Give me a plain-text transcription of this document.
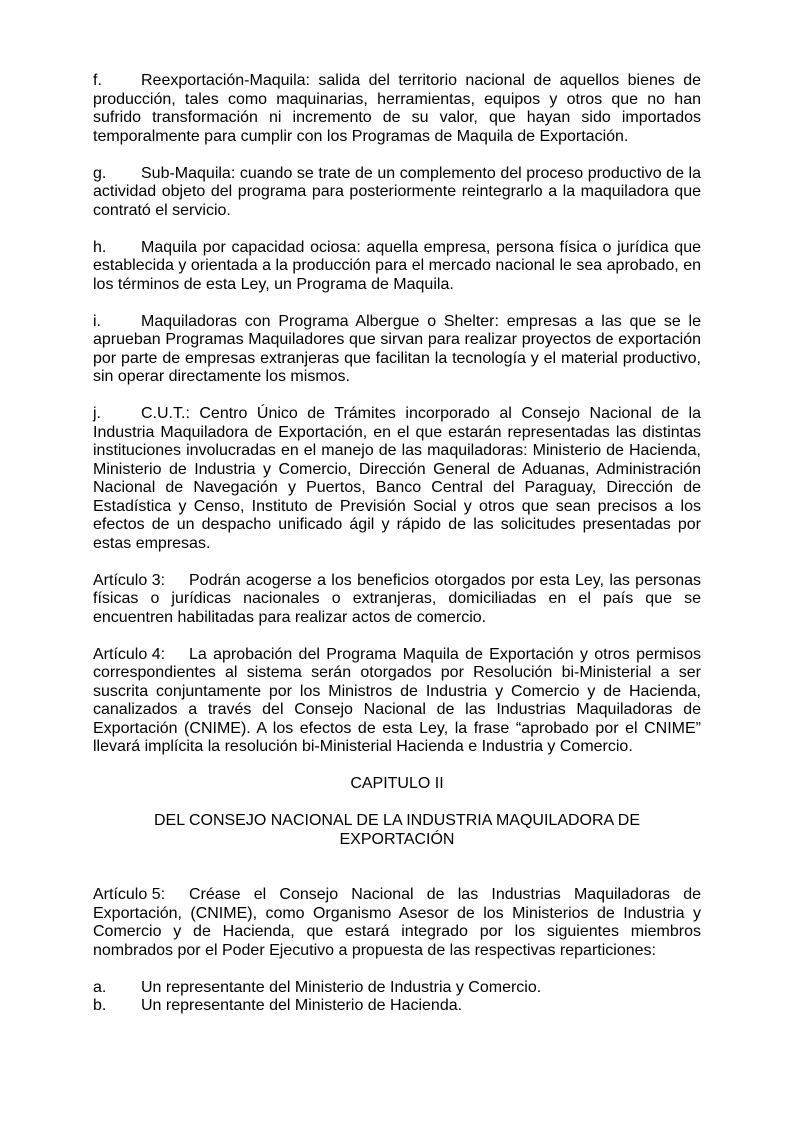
f. Reexportación-Maquila: salida del territorio nacional de aquellos bienes de producción, tales como maquinarias, herramientas, equipos y otros que no han sufrido transformación ni incremento de su valor, que hayan sido importados temporalmente para cumplir con los Programas de Maquila de Exportación.

g. Sub-Maquila: cuando se trate de un complemento del proceso productivo de la actividad objeto del programa para posteriormente reintegrarlo a la maquiladora que contrató el servicio.

h. Maquila por capacidad ociosa: aquella empresa, persona física o jurídica que establecida y orientada a la producción para el mercado nacional le sea aprobado, en los términos de esta Ley, un Programa de Maquila.

i.	Maquiladoras con Programa Albergue o Shelter: empresas a las que se le aprueban Programas Maquiladores que sirvan para realizar proyectos de exportación por parte de empresas extranjeras que facilitan la tecnología y el material productivo, sin operar directamente los mismos.

j.	C.U.T.: Centro Único de Trámites incorporado al Consejo Nacional de la Industria Maquiladora de Exportación, en el que estarán representadas las distintas instituciones involucradas en el manejo de las maquiladoras: Ministerio de Hacienda, Ministerio de Industria y Comercio, Dirección General de Aduanas, Administración Nacional de Navegación y Puertos, Banco Central del Paraguay, Dirección de Estadística y Censo, Instituto de Previsión Social y otros que sean precisos a los efectos de un despacho unificado ágil y rápido de las solicitudes presentadas por estas empresas.

Artículo 3: Podrán acogerse a los beneficios otorgados por esta Ley, las personas físicas o jurídicas nacionales o extranjeras, domiciliadas en el país que se encuentren habilitadas para realizar actos de comercio.

Artículo 4: La aprobación del Programa Maquila de Exportación y otros permisos correspondientes al sistema serán otorgados por Resolución bi-Ministerial a ser suscrita conjuntamente por los Ministros de Industria y Comercio y de Hacienda, canalizados a través del Consejo Nacional de las Industrias Maquiladoras de Exportación (CNIME). A los efectos de esta Ley, la frase “aprobado por el CNIME” llevará implícita la resolución bi-Ministerial Hacienda e Industria y Comercio.

CAPITULO II

DEL CONSEJO NACIONAL DE LA INDUSTRIA MAQUILADORA DE EXPORTACIÓN

Artículo 5: Créase el Consejo Nacional de las Industrias Maquiladoras de Exportación, (CNIME), como Organismo Asesor de los Ministerios de Industria y Comercio y de Hacienda, que estará integrado por los siguientes miembros nombrados por el Poder Ejecutivo a propuesta de las respectivas reparticiones:

a. Un representante del Ministerio de Industria y Comercio.

b. Un representante del Ministerio de Hacienda.
